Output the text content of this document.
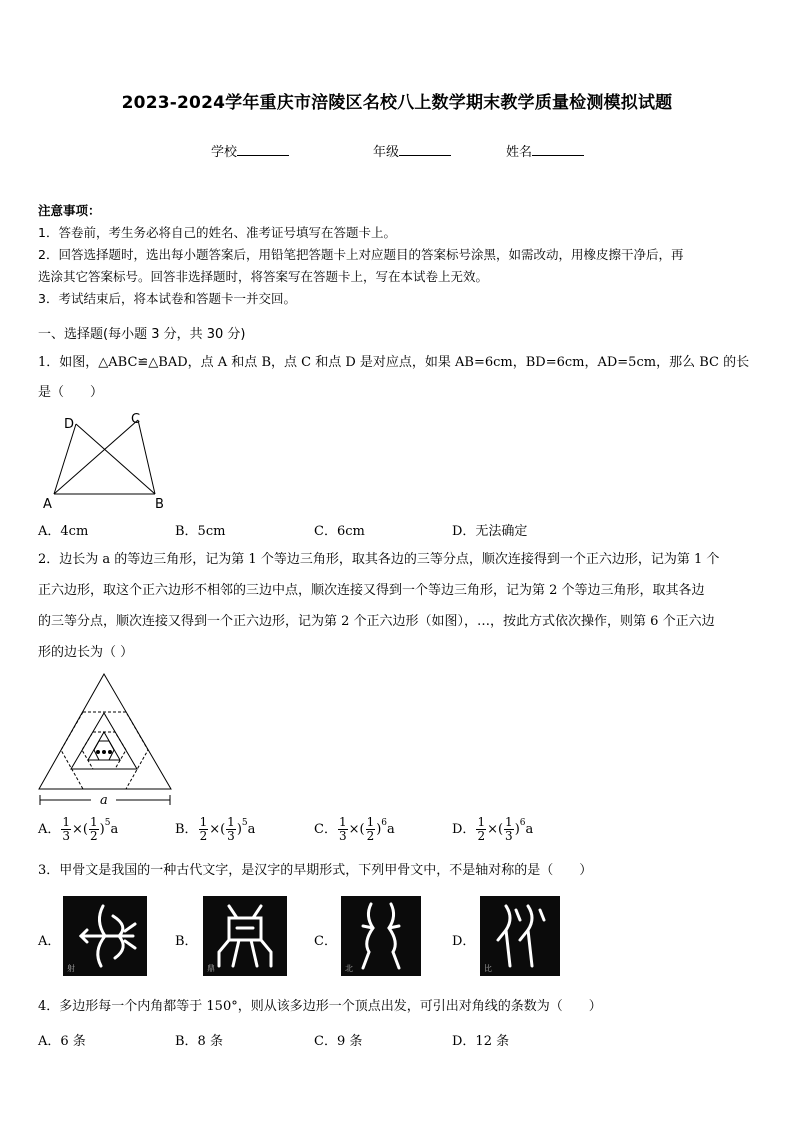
2023-2024学年重庆市涪陵区名校八上数学期末教学质量检测模拟试题
学校	年级	姓名
注意事项：
1．答卷前，考生务必将自己的姓名、准考证号填写在答题卡上。
2．回答选择题时，选出每小题答案后，用铅笔把答题卡上对应题目的答案标号涂黑，如需改动，用橡皮擦干净后，再
选涂其它答案标号。回答非选择题时，将答案写在答题卡上，写在本试卷上无效。
3．考试结束后，将本试卷和答题卡一并交回。
一、选择题(每小题 3 分，共 30 分)
1．如图，△ABC≌△BAD，点 A 和点 B，点 C 和点 D 是对应点，如果 AB=6cm，BD=6cm，AD=5cm，那么 BC 的长
是（　　）
D	C
A	B
A．4cm	B．5cm	C．6cm	D．无法确定
2．边长为 a 的等边三角形，记为第 1 个等边三角形，取其各边的三等分点，顺次连接得到一个正六边形，记为第 1 个
正六边形，取这个正六边形不相邻的三边中点，顺次连接又得到一个等边三角形，记为第 2 个等边三角形，取其各边
的三等分点，顺次连接又得到一个正六边形，记为第 2 个正六边形（如图），…，按此方式依次操作，则第 6 个正六边
形的边长为（ ）
a
A． $\frac{1}{3}$ ×( $\frac{1}{2} )^5a$	B． $\frac{1}{2}$ ×( $\frac{1}{3} )^5a$	C． $\frac{1}{3}$ ×( $\frac{1}{2} )^6a$	D． $\frac{1}{2}$ ×( $\frac{1}{3} )^6a$
3．甲骨文是我国的一种古代文字，是汉字的早期形式，下列甲骨文中，不是轴对称的是（　　）
A．
射
B．
鼎
C．
北
D．
比
4．多边形每一个内角都等于 150°，则从该多边形一个顶点出发，可引出对角线的条数为（　　）
A．6 条	B．8 条	C．9 条	D．12 条
